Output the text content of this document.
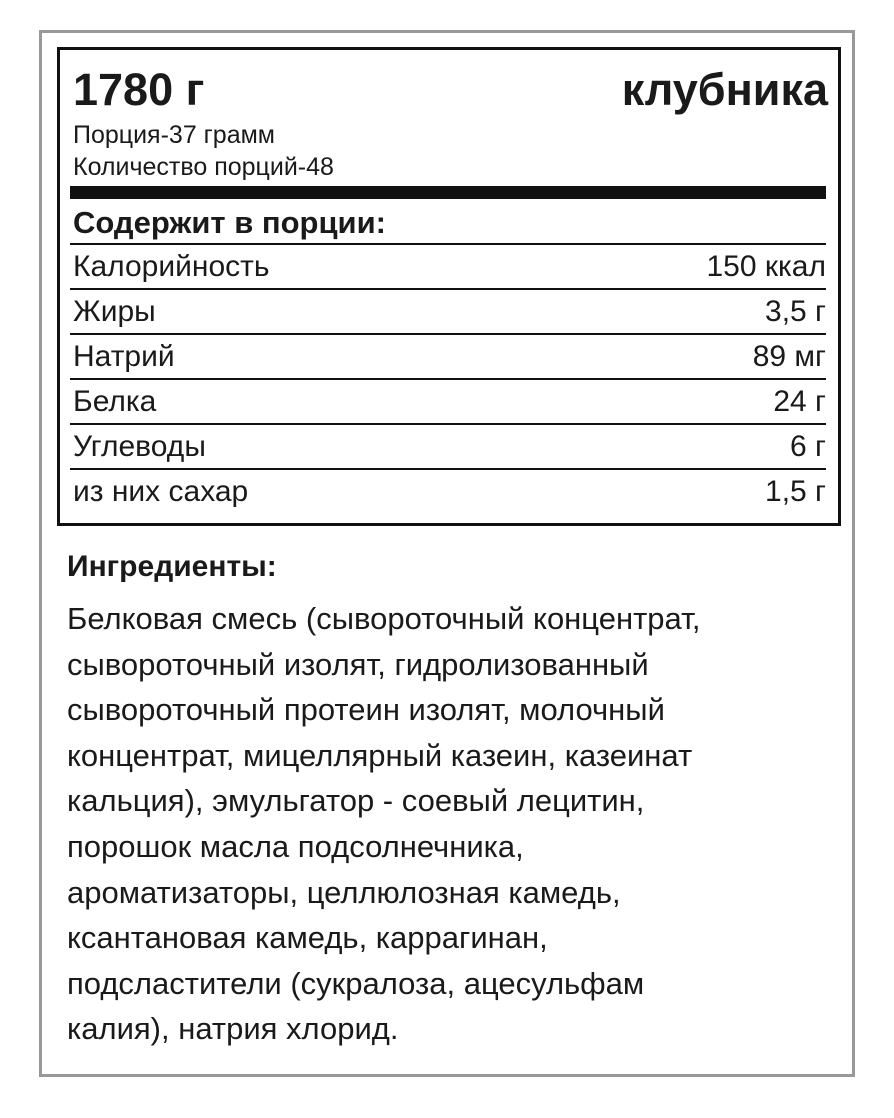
1780 г	клубника
Порция-37 грамм
Количество порций-48
Содержит в порции:
Калорийность	150 ккал
Жиры	3,5 г
Натрий	89 мг
Белка	24 г
Углеводы	6 г
из них сахар	1,5 г
Ингредиенты:

Белковая смесь (сывороточный концентрат,
сывороточный изолят, гидролизованный
сывороточный протеин изолят, молочный
концентрат, мицеллярный казеин, казеинат
кальция), эмульгатор - соевый лецитин,
порошок масла подсолнечника,
ароматизаторы, целлюлозная камедь,
ксантановая камедь, каррагинан,
подсластители (сукралоза, ацесульфам
калия), натрия хлорид.
